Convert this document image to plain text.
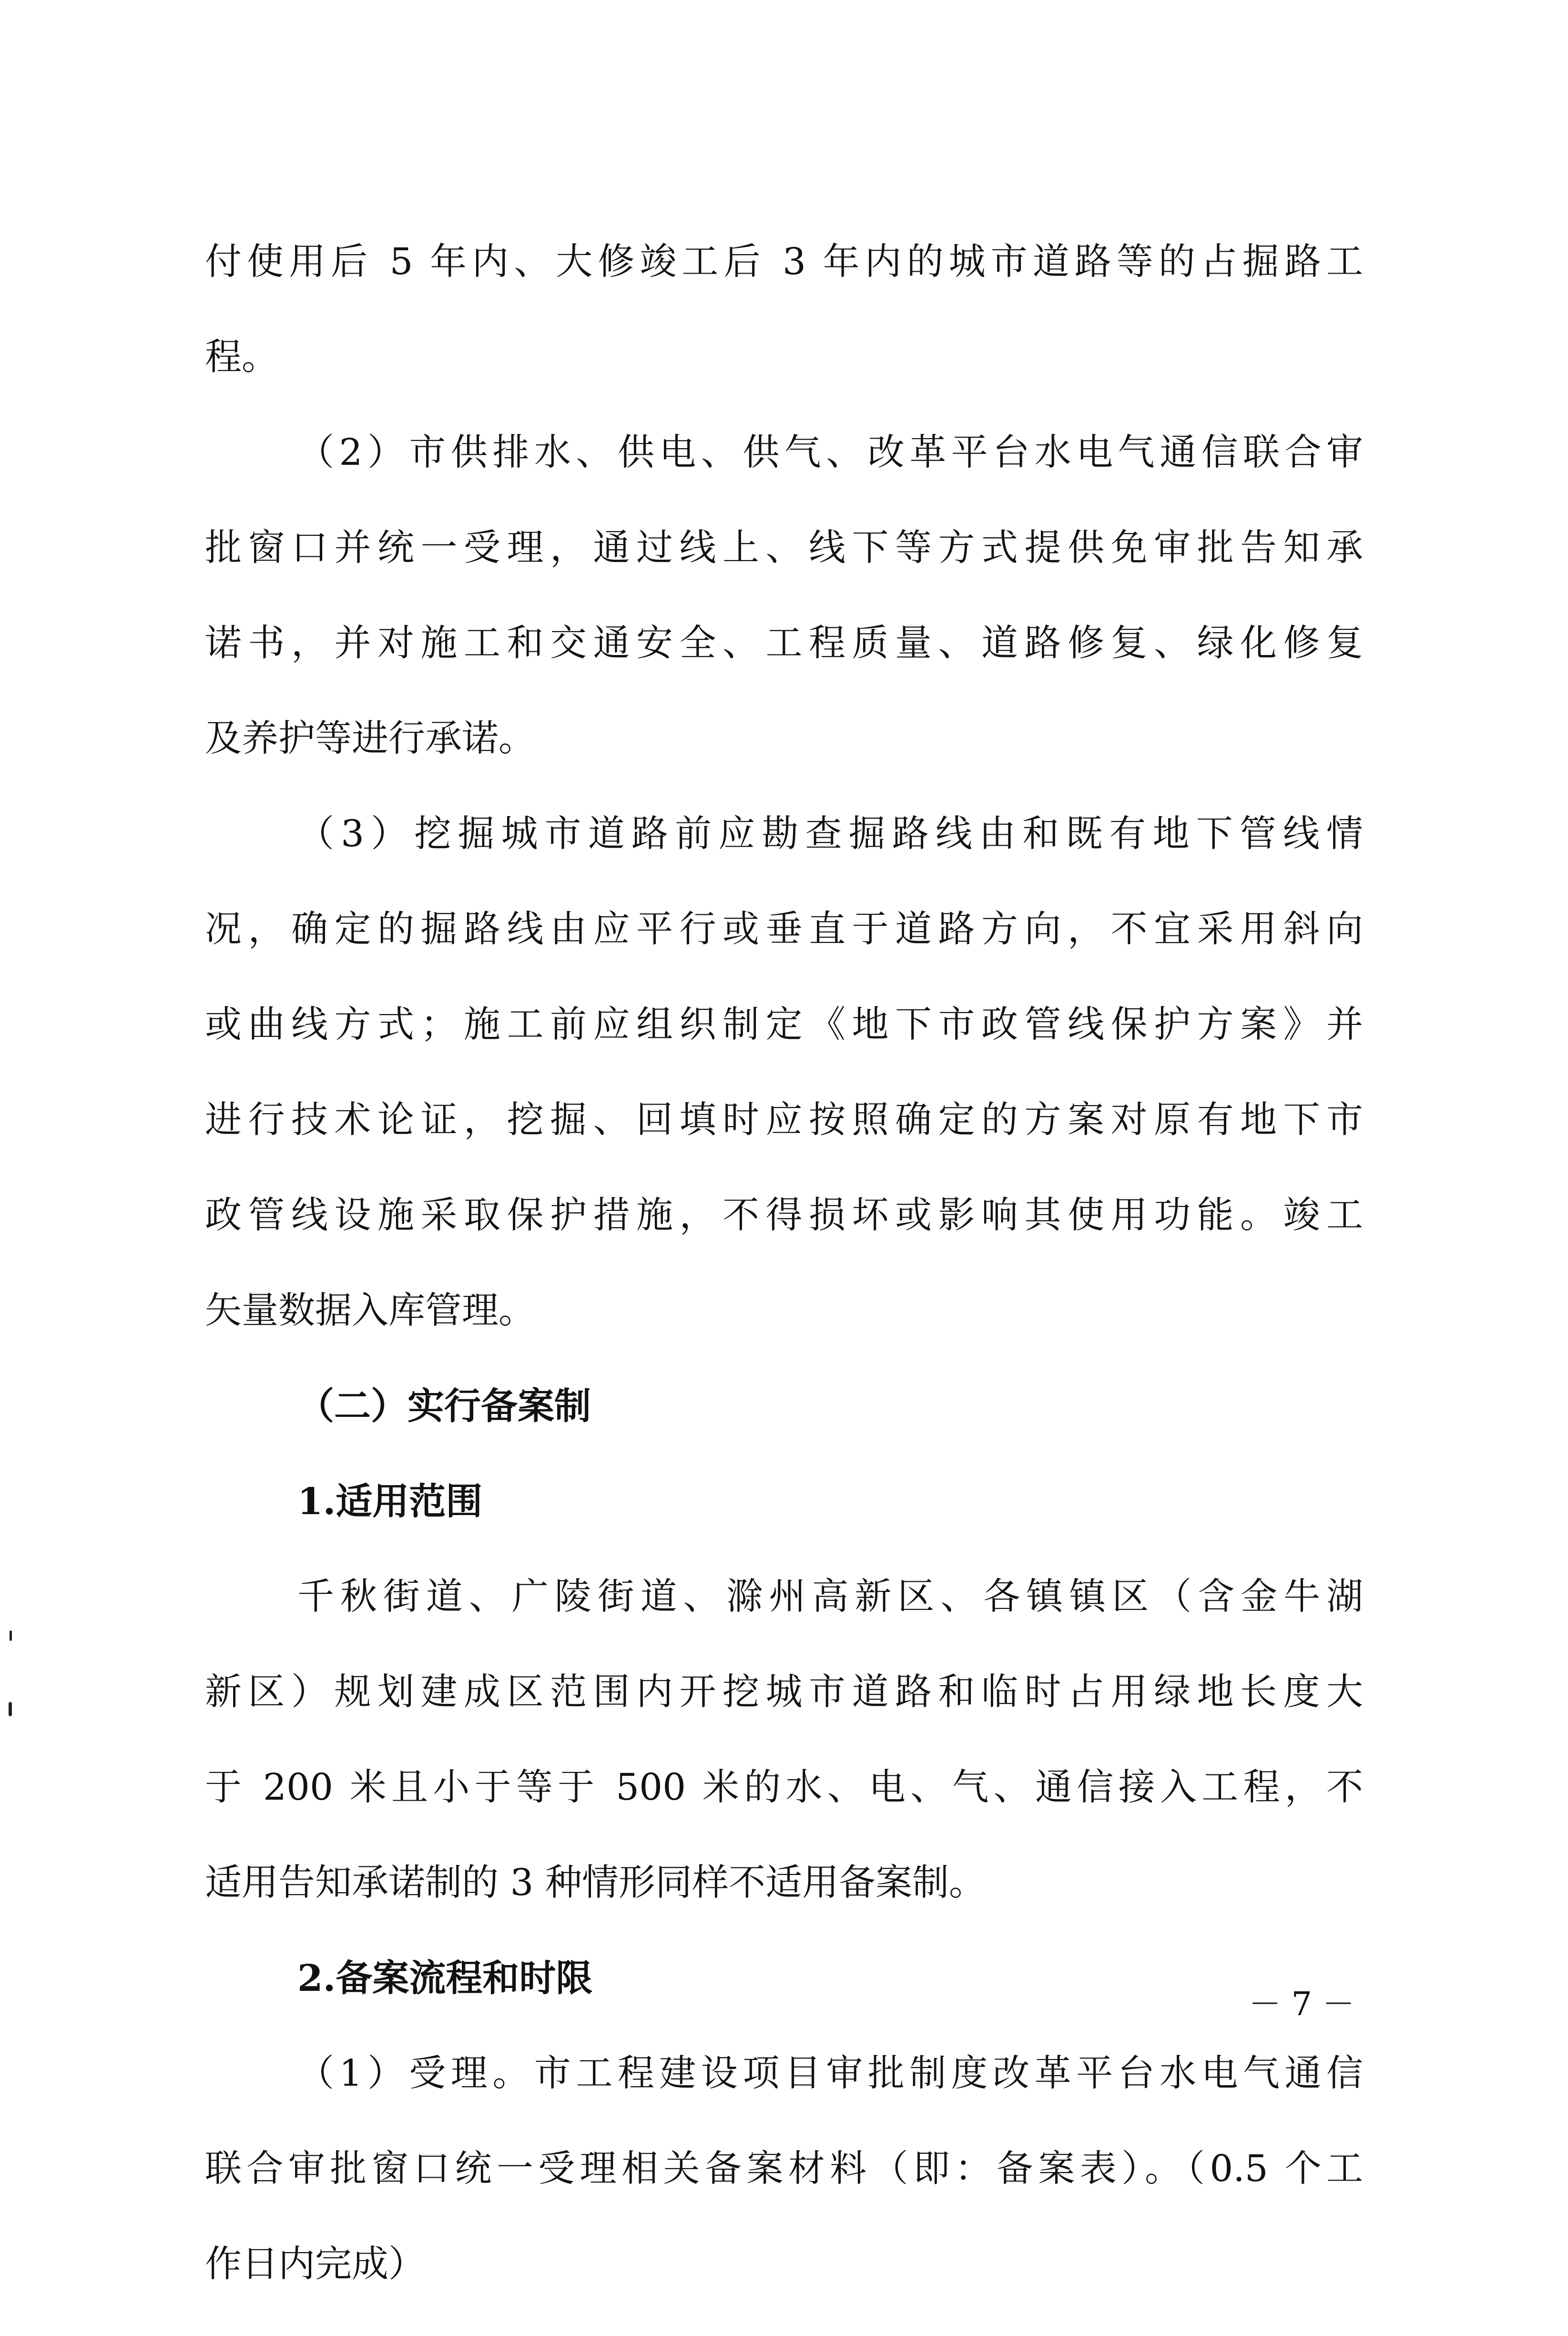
付使用后 5 年内、大修竣工后 3 年内的城市道路等的占掘路工
程。
（2）市供排水、供电、供气、改革平台水电气通信联合审
批窗口并统一受理，通过线上、线下等方式提供免审批告知承
诺书，并对施工和交通安全、工程质量、道路修复、绿化修复
及养护等进行承诺。
（3）挖掘城市道路前应勘查掘路线由和既有地下管线情
况，确定的掘路线由应平行或垂直于道路方向，不宜采用斜向
或曲线方式；施工前应组织制定《地下市政管线保护方案》并
进行技术论证，挖掘、回填时应按照确定的方案对原有地下市
政管线设施采取保护措施，不得损坏或影响其使用功能。竣工
矢量数据入库管理。
（二）实行备案制
1.适用范围
千秋街道、广陵街道、滁州高新区、各镇镇区（含金牛湖
新区）规划建成区范围内开挖城市道路和临时占用绿地长度大
于 200 米且小于等于 500 米的水、电、气、通信接入工程，不
适用告知承诺制的 3 种情形同样不适用备案制。
2.备案流程和时限
（1）受理。市工程建设项目审批制度改革平台水电气通信
联合审批窗口统一受理相关备案材料（即：备案表）。（0.5 个工
作日内完成）
－ 7 －
